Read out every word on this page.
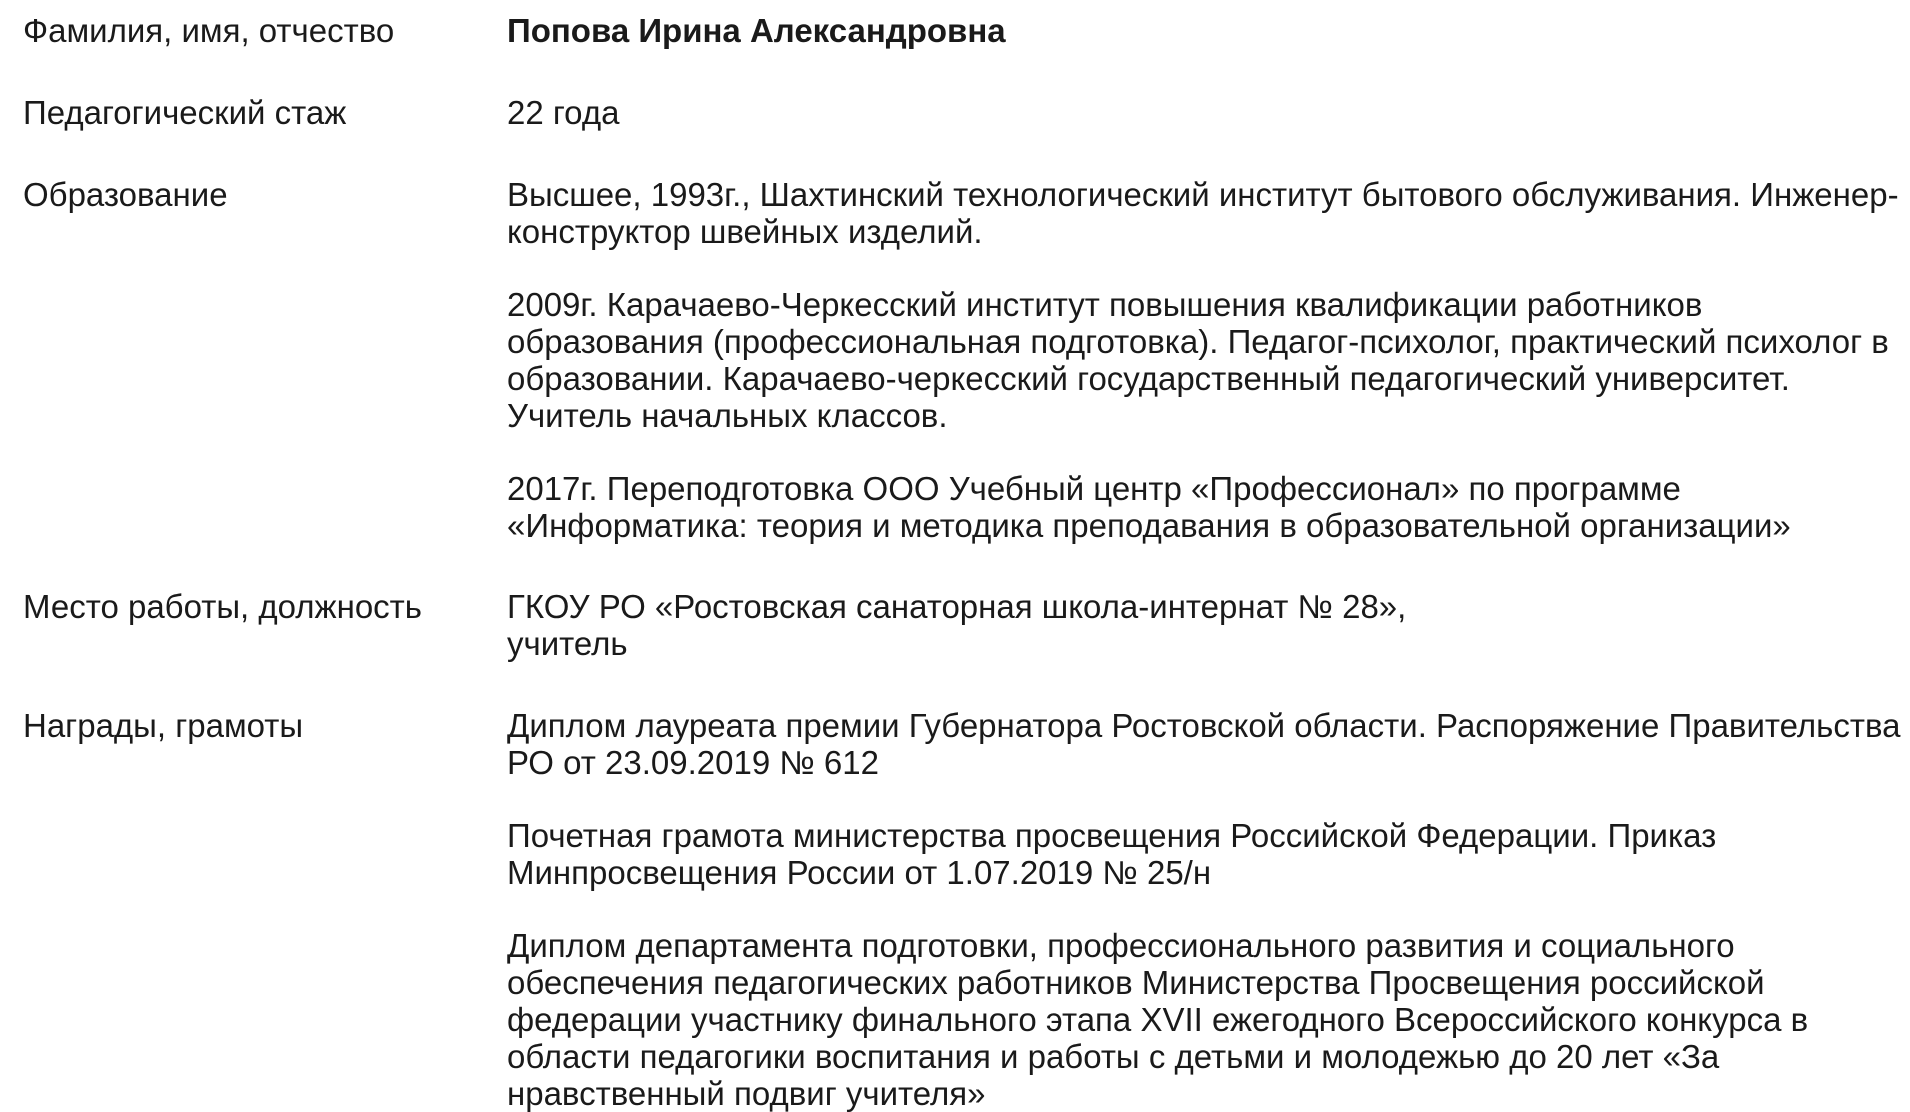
Фамилия, имя, отчество	Попова Ирина Александровна

Педагогический стаж	22 года

Образование	Высшее, 1993г., Шахтинский технологический институт бытового обслуживания. Инженер-конструктор швейных изделий.

2009г. Карачаево-Черкесский институт повышения квалификации работников образования (профессиональная подготовка). Педагог-психолог, практический психолог в образовании. Карачаево-черкесский государственный педагогический университет. Учитель начальных классов.

2017г. Переподготовка ООО Учебный центр «Профессионал» по программе «Информатика: теория и методика преподавания в образовательной организации»

Место работы, должность	ГКОУ РО «Ростовская санаторная школа-интернат № 28»,
учитель

Награды, грамоты	Диплом лауреата премии Губернатора Ростовской области. Распоряжение Правительства РО от 23.09.2019 № 612

Почетная грамота министерства просвещения Российской Федерации. Приказ Минпросвещения России от 1.07.2019 № 25/н

Диплом департамента подготовки, профессионального развития и социального обеспечения педагогических работников Министерства Просвещения российской федерации участнику финального этапа XVII ежегодного Всероссийского конкурса в области педагогики воспитания и работы с детьми и молодежью до 20 лет «За нравственный подвиг учителя»
